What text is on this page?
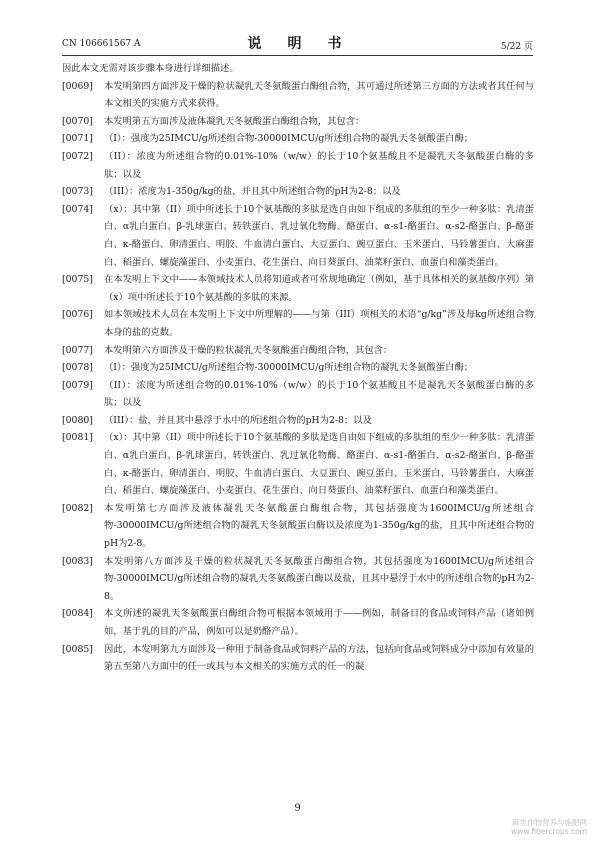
CN 106661567 A	说　明　书	5/22 页
因此本文无需对该步骤本身进行详细描述。
[0069]	本发明第四方面涉及干燥的粒状凝乳天冬氨酸蛋白酶组合物，其可通过所述第三方面的方法或者其任何与本文相关的实施方式来获得。
[0070]	本发明第五方面涉及液体凝乳天冬氨酸蛋白酶组合物，其包含：
[0071]	（I）：强度为25IMCU/g所述组合物-30000IMCU/g所述组合物的凝乳天冬氨酸蛋白酶；
[0072]	（II）：浓度为所述组合物的0.01%-10%（w/w）的长于10个氨基酸且不是凝乳天冬氨酸蛋白酶的多肽；以及
[0073]	（III）：浓度为1-350g/kg的盐，并且其中所述组合物的pH为2-8；以及
[0074]	（x）：其中第（II）项中所述长于10个氨基酸的多肽是选自由如下组成的多肽组的至少一种多肽：乳清蛋白、α乳白蛋白、β-乳球蛋白、转铁蛋白、乳过氧化物酶、酪蛋白、α-s1-酪蛋白、α-s2-酪蛋白、β-酪蛋白、κ-酪蛋白、卵清蛋白、明胶、牛血清白蛋白、大豆蛋白、豌豆蛋白、玉米蛋白、马铃薯蛋白、大麻蛋白、稻蛋白、螺旋藻蛋白、小麦蛋白、花生蛋白、向日葵蛋白、油菜籽蛋白、血蛋白和藻类蛋白。
[0075]	在本发明上下文中——本领域技术人员将知道或者可常规地确定（例如，基于具体相关的氨基酸序列）第（x）项中所述长于10个氨基酸的多肽的来源。
[0076]	如本领域技术人员在本发明上下文中所理解的——与第（III）项相关的术语“g/kg”涉及每kg所述组合物本身的盐的克数。
[0077]	本发明第六方面涉及干燥的粒状凝乳天冬氨酸蛋白酶组合物，其包含：
[0078]	（I）：强度为25IMCU/g所述组合物-30000IMCU/g所述组合物的凝乳天冬氨酸蛋白酶；
[0079]	（II）：浓度为所述组合物的0.01%-10%（w/w）的长于10个氨基酸且不是凝乳天冬氨酸蛋白酶的多肽；以及
[0080]	（III）：盐，并且其中悬浮于水中的所述组合物的pH为2-8；以及
[0081]	（x）：其中第（II）项中所述长于10个氨基酸的多肽是选自由如下组成的多肽组的至少一种多肽：乳清蛋白、α乳白蛋白、β-乳球蛋白、转铁蛋白、乳过氧化物酶、酪蛋白、α-s1-酪蛋白、α-s2-酪蛋白、β-酪蛋白、κ-酪蛋白、卵清蛋白、明胶、牛血清白蛋白、大豆蛋白、豌豆蛋白、玉米蛋白、马铃薯蛋白、大麻蛋白、稻蛋白、螺旋藻蛋白、小麦蛋白、花生蛋白、向日葵蛋白、油菜籽蛋白、血蛋白和藻类蛋白。
[0082]	本发明第七方面涉及液体凝乳天冬氨酸蛋白酶组合物，其包括强度为1600IMCU/g所述组合物-30000IMCU/g所述组合物的凝乳天冬氨酸蛋白酶以及浓度为1-350g/kg的盐，且其中所述组合物的pH为2-8。
[0083]	本发明第八方面涉及干燥的粒状凝乳天冬氨酸蛋白酶组合物，其包括强度为1600IMCU/g所述组合物-30000IMCU/g所述组合物的凝乳天冬氨酸蛋白酶以及盐，且其中悬浮于水中的所述组合物的pH为2-8。
[0084]	本文所述的凝乳天冬氨酸蛋白酶组合物可根据本领域用于——例如，制备目的食品或饲料产品（诸如例如，基于乳的目的产品，例如可以是奶酪产品）。
[0085]	因此，本发明第九方面涉及一种用于制备食品或饲料产品的方法，包括向食品或饲料成分中添加有效量的第五至第八方面中的任一或其与本文相关的实施方式的任一的凝
9
麻类作物营养与施肥网
www.fibercrops.com
